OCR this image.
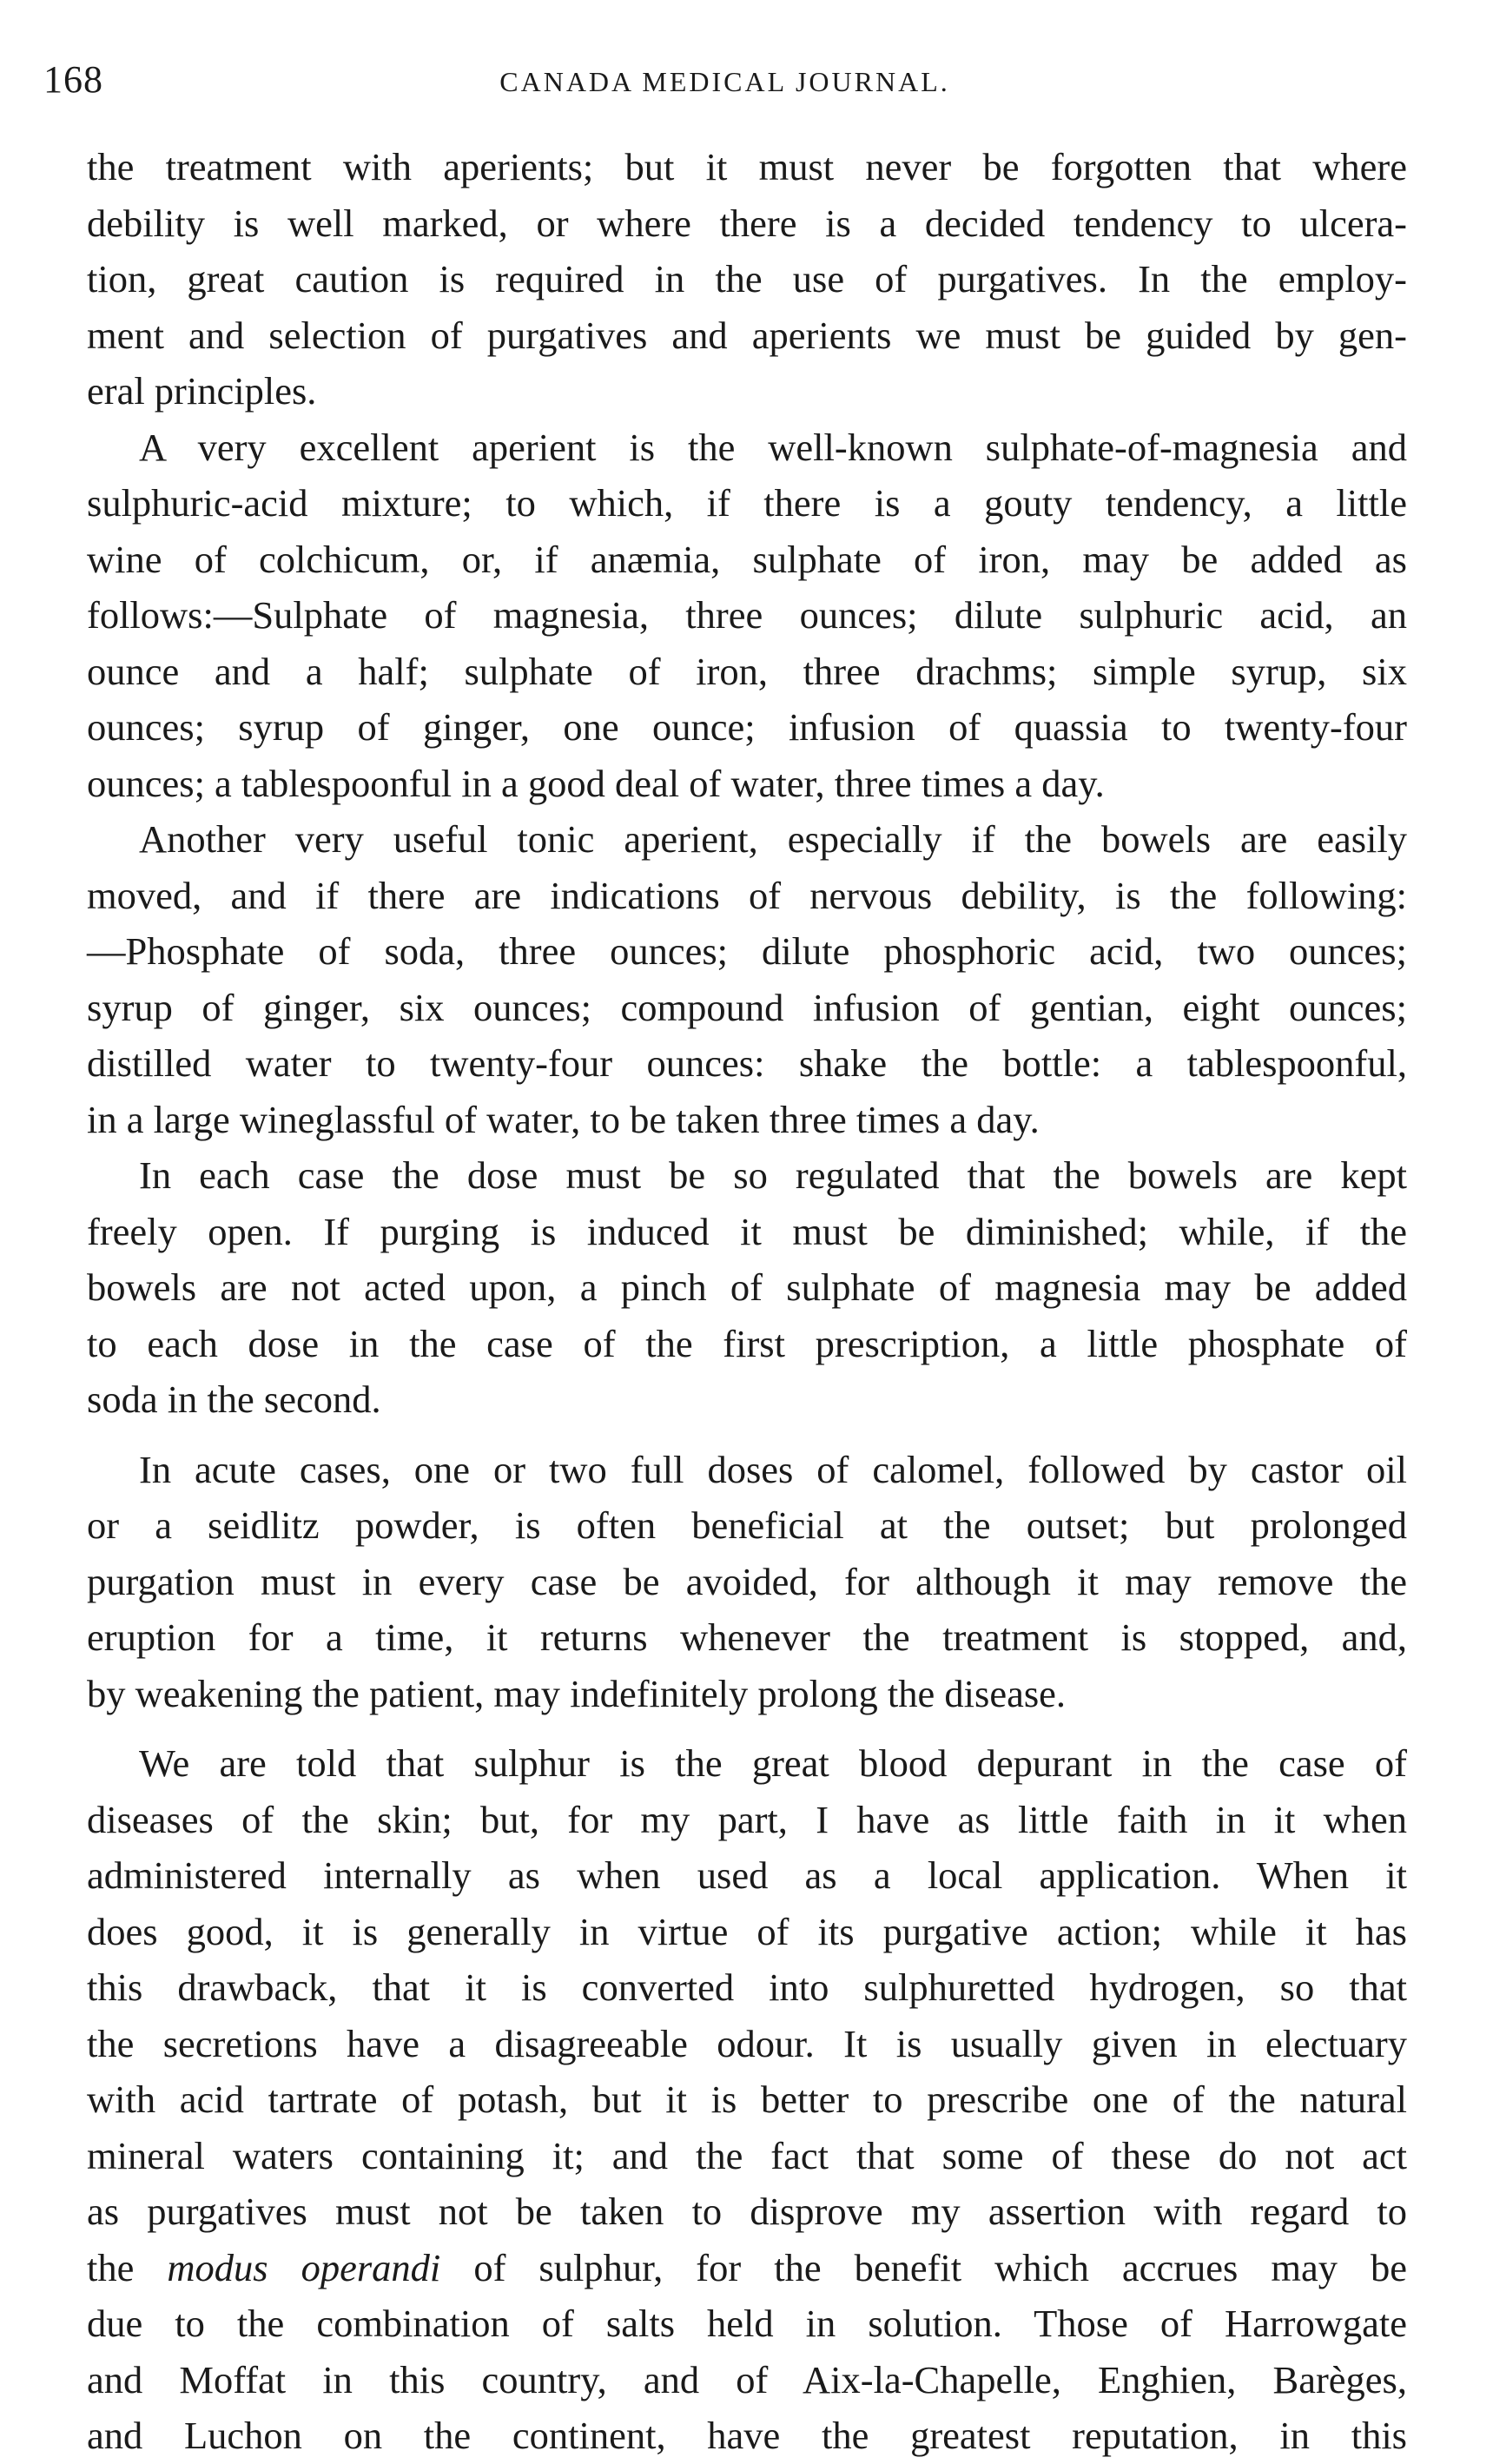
168	CANADA MEDICAL JOURNAL.

the treatment with aperients; but it must never be forgotten that where
debility is well marked, or where there is a decided tendency to ulcera-
tion, great caution is required in the use of purgatives. In the employ-
ment and selection of purgatives and aperients we must be guided by gen-
eral principles.

A very excellent aperient is the well-known sulphate-of-magnesia and
sulphuric-acid mixture; to which, if there is a gouty tendency, a little
wine of colchicum, or, if anæmia, sulphate of iron, may be added as
follows:—Sulphate of magnesia, three ounces; dilute sulphuric acid, an
ounce and a half; sulphate of iron, three drachms; simple syrup, six
ounces; syrup of ginger, one ounce; infusion of quassia to twenty-four
ounces; a tablespoonful in a good deal of water, three times a day.

Another very useful tonic aperient, especially if the bowels are easily
moved, and if there are indications of nervous debility, is the following:
—Phosphate of soda, three ounces; dilute phosphoric acid, two ounces;
syrup of ginger, six ounces; compound infusion of gentian, eight ounces;
distilled water to twenty-four ounces: shake the bottle: a tablespoonful,
in a large wineglassful of water, to be taken three times a day.

In each case the dose must be so regulated that the bowels are kept
freely open. If purging is induced it must be diminished; while, if the
bowels are not acted upon, a pinch of sulphate of magnesia may be added
to each dose in the case of the first prescription, a little phosphate of
soda in the second.

In acute cases, one or two full doses of calomel, followed by castor oil
or a seidlitz powder, is often beneficial at the outset; but prolonged
purgation must in every case be avoided, for although it may remove the
eruption for a time, it returns whenever the treatment is stopped, and,
by weakening the patient, may indefinitely prolong the disease.

We are told that sulphur is the great blood depurant in the case of
diseases of the skin; but, for my part, I have as little faith in it when
administered internally as when used as a local application. When it
does good, it is generally in virtue of its purgative action; while it has
this drawback, that it is converted into sulphuretted hydrogen, so that
the secretions have a disagreeable odour. It is usually given in electuary
with acid tartrate of potash, but it is better to prescribe one of the natural
mineral waters containing it; and the fact that some of these do not act
as purgatives must not be taken to disprove my assertion with regard to
the modus operandi of sulphur, for the benefit which accrues may be
due to the combination of salts held in solution. Those of Harrowgate
and Moffat in this country, and of Aix-la-Chapelle, Enghien, Barèges,
and Luchon on the continent, have the greatest reputation, in this
